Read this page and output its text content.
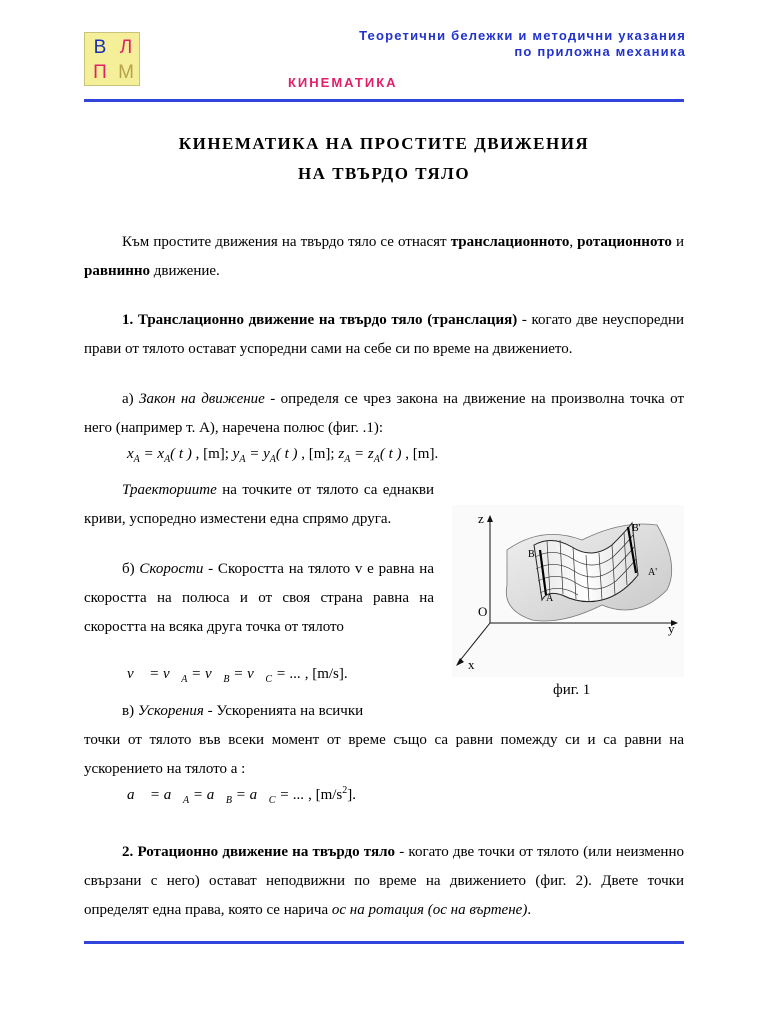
В Л
П М
Теоретични бележки и методични указания
по приложна механика
КИНЕМАТИКА
КИНЕМАТИКА НА ПРОСТИТЕ ДВИЖЕНИЯ
НА ТВЪРДО ТЯЛО
Към простите движения на твърдо тяло се отнасят транслационното, ротационното и равнинно движение.
1. Транслационно движение на твърдо тяло (транслация) - когато две неуспоредни прави от тялото остават успоредни сами на себе си по време на движението.
а) Закон на движение - определя се чрез закона на движение на произволна точка от него (например т. А), наречена полюс (фиг. .1):
$x_A = x_A$( t ) , [m]; $y_A = y_A$( t ) , [m]; $z_A = z_A$( t ) , [m].
Траекториите на точките от тялото са еднакви криви, успоредно изместени една спрямо друга.
б) Скорости - Скоростта на тялото v е равна на скоростта на полюса и от своя страна равна на скоростта на всяка друга точка от тялото
v⃗ = $v⃗_A$ = $v⃗_B$ = $v⃗_C$ = ... , [m/s].
в) Ускорения - Ускоренията на всички
точки от тялото във всеки момент от време също са равни помежду си и са равни на ускорението на тялото a :
a⃗ = $a⃗_A$ = $a⃗_B$ = $a⃗_C$ = ... , $[m/s^2]$.
z
y
x
O
B
A
B'
A'
фиг. 1
2. Ротационно движение на твърдо тяло - когато две точки от тялото (или неизменно свързани с него) остават неподвижни по време на движението (фиг. 2). Двете точки определят една права, която се нарича ос на ротация (ос на въртене).
